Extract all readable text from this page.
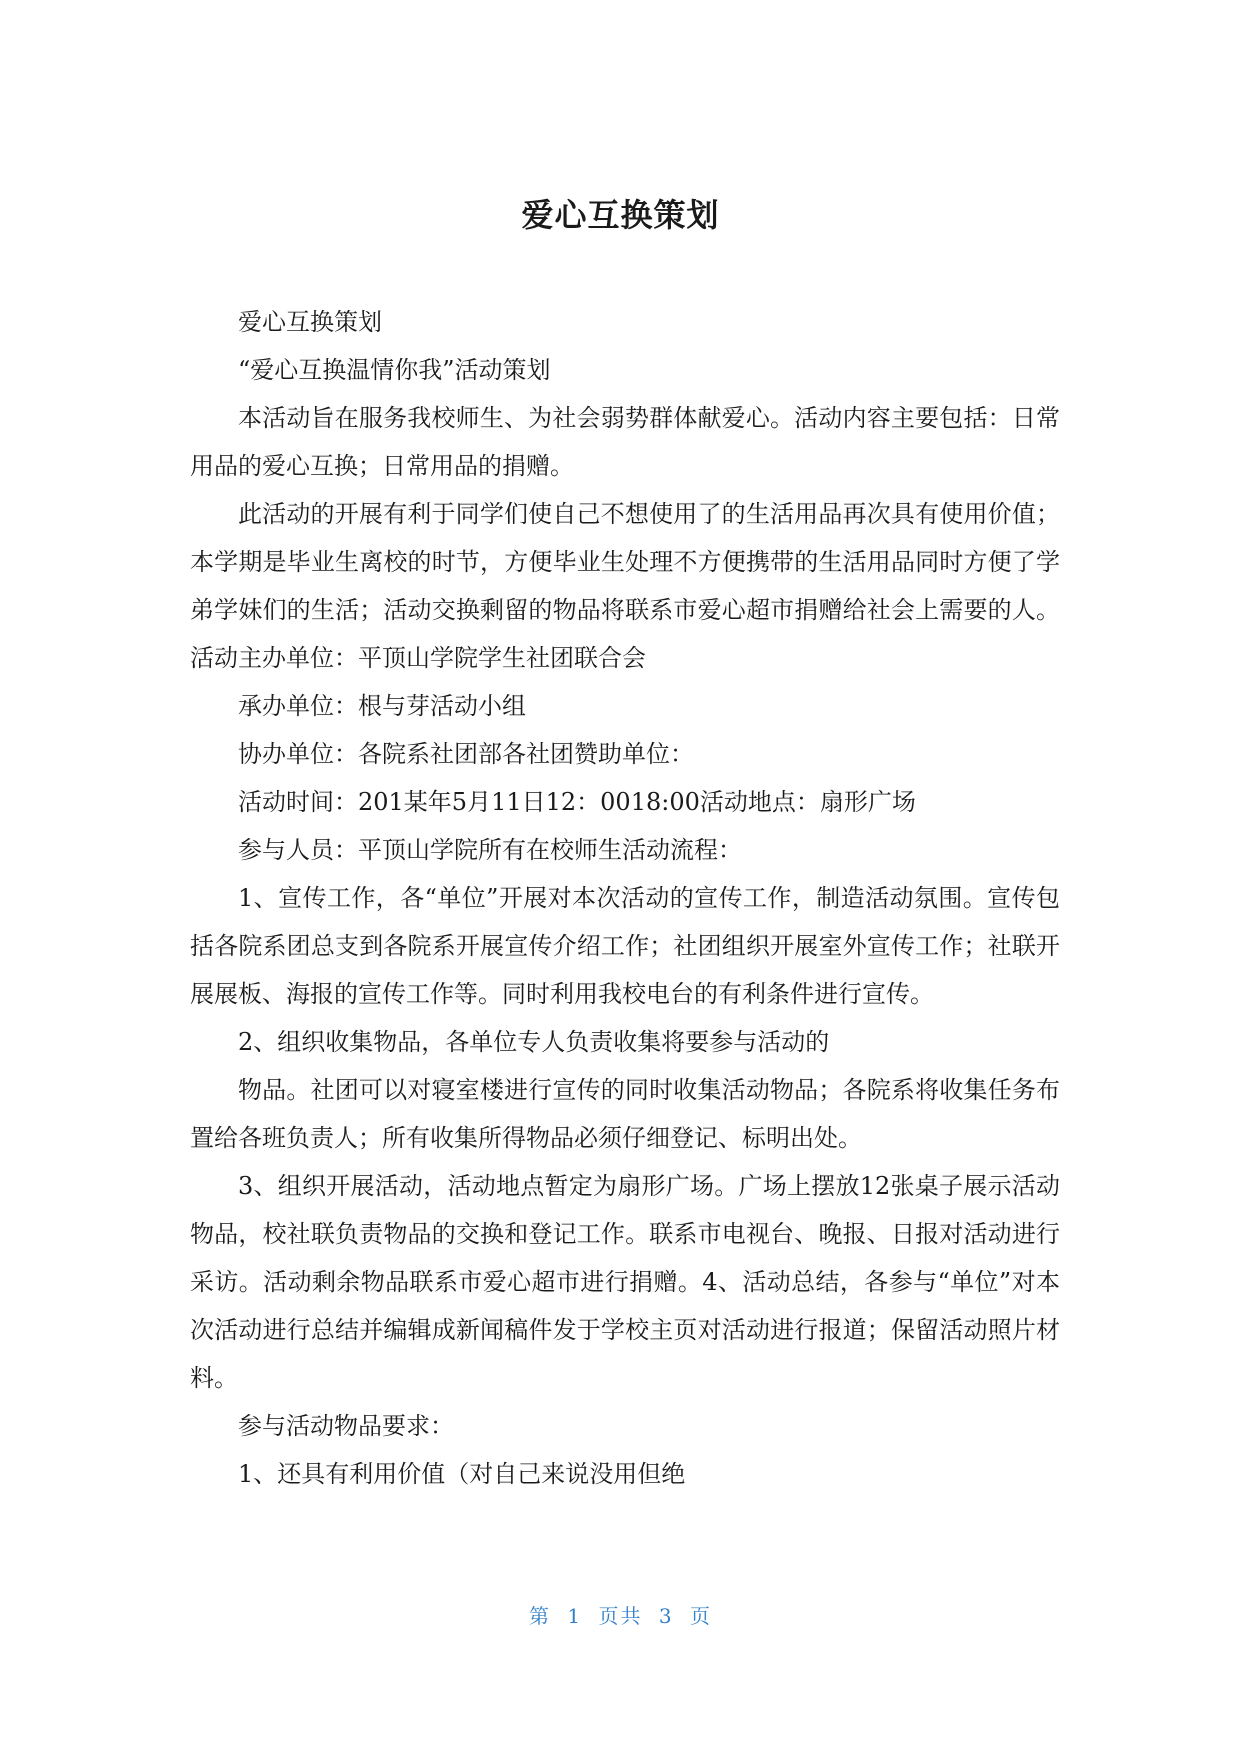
爱心互换策划

爱心互换策划

“爱心互换温情你我”活动策划

本活动旨在服务我校师生、为社会弱势群体献爱心。活动内容主要包括：日常用品的爱心互换；日常用品的捐赠。

此活动的开展有利于同学们使自己不想使用了的生活用品再次具有使用价值；本学期是毕业生离校的时节，方便毕业生处理不方便携带的生活用品同时方便了学弟学妹们的生活；活动交换剩留的物品将联系市爱心超市捐赠给社会上需要的人。活动主办单位：平顶山学院学生社团联合会

承办单位：根与芽活动小组

协办单位：各院系社团部各社团赞助单位：

活动时间：201某年5月11日12：0018:00活动地点：扇形广场

参与人员：平顶山学院所有在校师生活动流程：

1、宣传工作，各“单位”开展对本次活动的宣传工作，制造活动氛围。宣传包括各院系团总支到各院系开展宣传介绍工作；社团组织开展室外宣传工作；社联开展展板、海报的宣传工作等。同时利用我校电台的有利条件进行宣传。

2、组织收集物品，各单位专人负责收集将要参与活动的

物品。社团可以对寝室楼进行宣传的同时收集活动物品；各院系将收集任务布置给各班负责人；所有收集所得物品必须仔细登记、标明出处。

3、组织开展活动，活动地点暂定为扇形广场。广场上摆放12张桌子展示活动物品，校社联负责物品的交换和登记工作。联系市电视台、晚报、日报对活动进行采访。活动剩余物品联系市爱心超市进行捐赠。4、活动总结，各参与“单位”对本次活动进行总结并编辑成新闻稿件发于学校主页对活动进行报道；保留活动照片材料。

参与活动物品要求：

1、还具有利用价值（对自己来说没用但绝

第 1 页共 3 页
